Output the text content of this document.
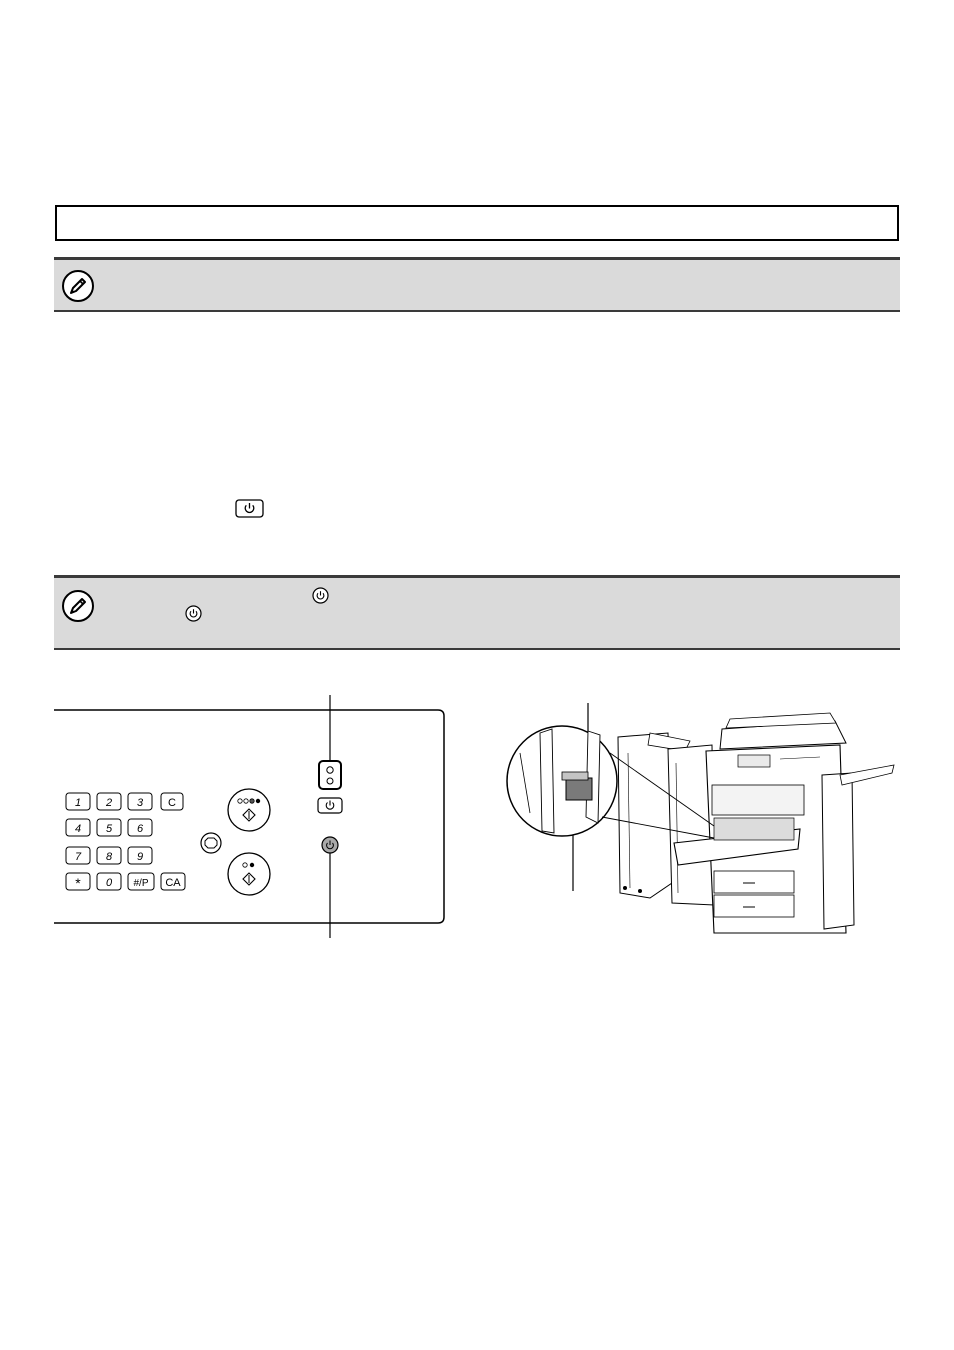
1 2 3 C
4 5 6
7 8 9
* 0 #/P CA
